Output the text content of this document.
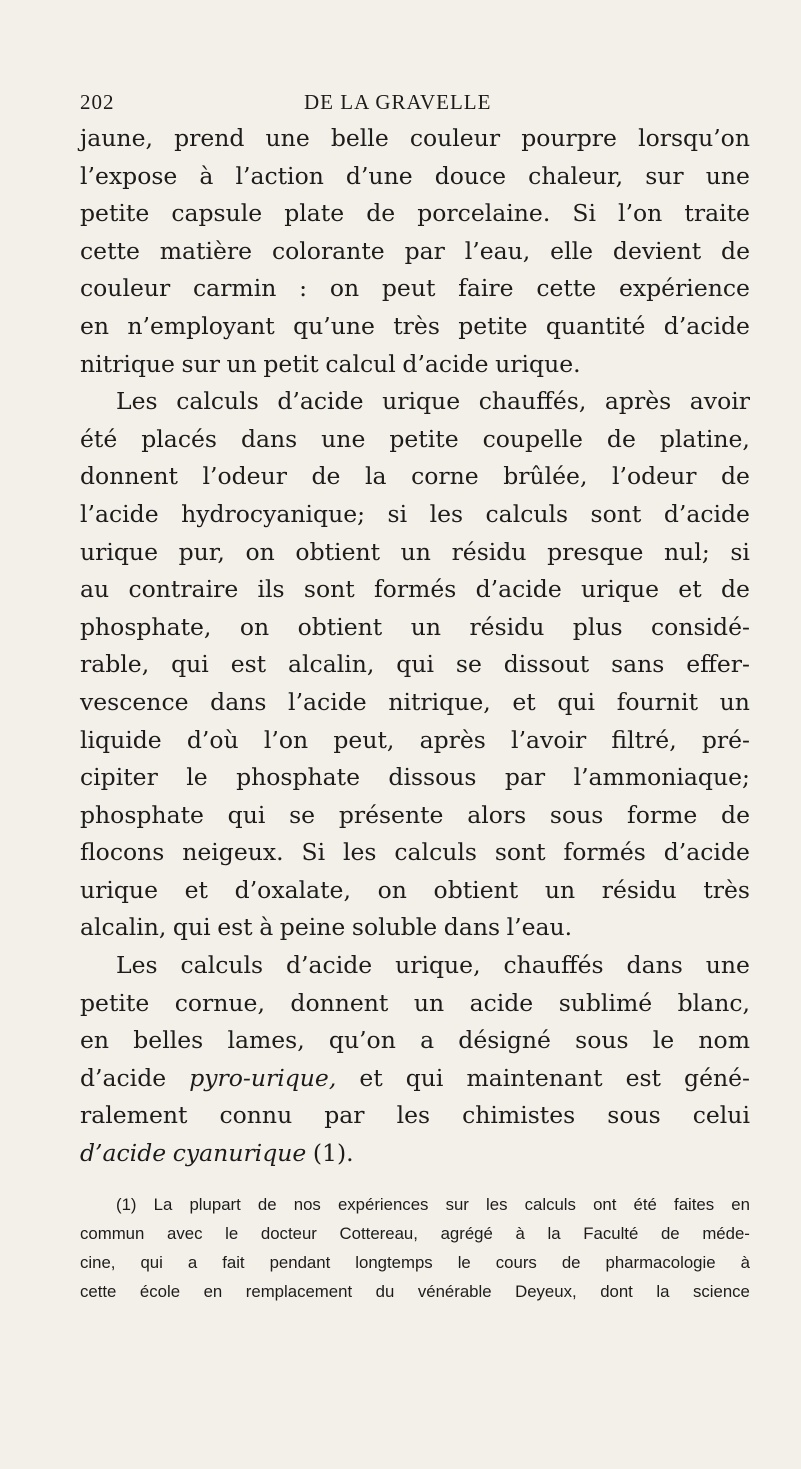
202	DE LA GRAVELLE
jaune, prend une belle couleur pourpre lorsqu’on
l’expose à l’action d’une douce chaleur, sur une
petite capsule plate de porcelaine. Si l’on traite
cette matière colorante par l’eau, elle devient de
couleur carmin : on peut faire cette expérience
en n’employant qu’une très petite quantité d’acide
nitrique sur un petit calcul d’acide urique.
Les calculs d’acide urique chauffés, après avoir
été placés dans une petite coupelle de platine,
donnent l’odeur de la corne brûlée, l’odeur de
l’acide hydrocyanique; si les calculs sont d’acide
urique pur, on obtient un résidu presque nul; si
au contraire ils sont formés d’acide urique et de
phosphate, on obtient un résidu plus considé-
rable, qui est alcalin, qui se dissout sans effer-
vescence dans l’acide nitrique, et qui fournit un
liquide d’où l’on peut, après l’avoir filtré, pré-
cipiter le phosphate dissous par l’ammoniaque;
phosphate qui se présente alors sous forme de
flocons neigeux. Si les calculs sont formés d’acide
urique et d’oxalate, on obtient un résidu très
alcalin, qui est à peine soluble dans l’eau.
Les calculs d’acide urique, chauffés dans une
petite cornue, donnent un acide sublimé blanc,
en belles lames, qu’on a désigné sous le nom
d’acide pyro-urique, et qui maintenant est géné-
ralement connu par les chimistes sous celui
d’acide cyanurique (1).
(1) La plupart de nos expériences sur les calculs ont été faites en
commun avec le docteur Cottereau, agrégé à la Faculté de méde-
cine, qui a fait pendant longtemps le cours de pharmacologie à
cette école en remplacement du vénérable Deyeux, dont la science
